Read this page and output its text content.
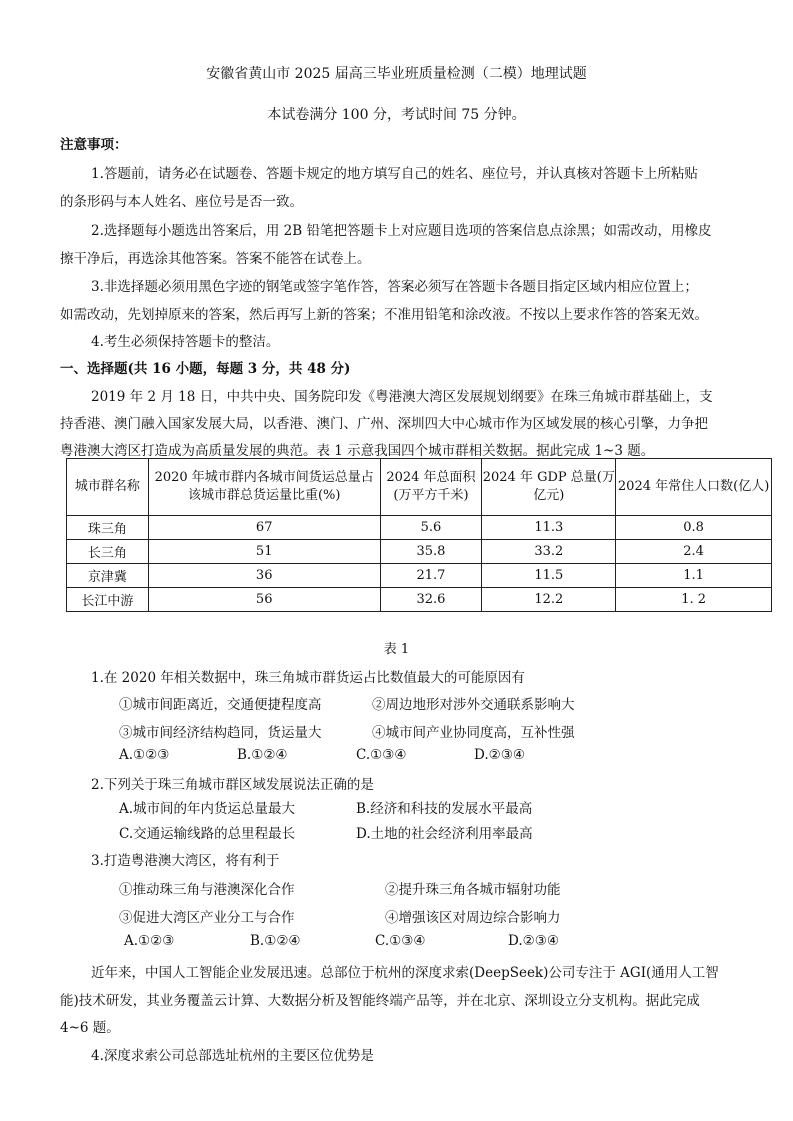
安徽省黄山市 2025 届高三毕业班质量检测（二模）地理试题
本试卷满分 100 分，考试时间 75 分钟。
注意事项：
1.答题前，请务必在试题卷、答题卡规定的地方填写自己的姓名、座位号，并认真核对答题卡上所粘贴
的条形码与本人姓名、座位号是否一致。
2.选择题每小题选出答案后，用 2B 铅笔把答题卡上对应题目选项的答案信息点涂黑；如需改动，用橡皮
擦干净后，再选涂其他答案。答案不能答在试卷上。
3.非选择题必须用黑色字迹的钢笔或签字笔作答，答案必须写在答题卡各题目指定区域内相应位置上；
如需改动，先划掉原来的答案，然后再写上新的答案；不准用铅笔和涂改液。不按以上要求作答的答案无效。
4.考生必须保持答题卡的整洁。
一、选择题(共 16 小题，每题 3 分，共 48 分)
2019 年 2 月 18 日，中共中央、国务院印发《粤港澳大湾区发展规划纲要》在珠三角城市群基础上，支
持香港、澳门融入国家发展大局，以香港、澳门、广州、深圳四大中心城市作为区域发展的核心引擎，力争把
粤港澳大湾区打造成为高质量发展的典范。表 1 示意我国四个城市群相关数据。据此完成 1~3 题。
城市群名称	2020 年城市群内各城市间货运总量占该城市群总货运量比重(%)	2024 年总面积(万平方千米)	2024 年 GDP 总量(万亿元)	2024 年常住人口数(亿人)
珠三角	67	5.6	11.3	0.8
长三角	51	35.8	33.2	2.4
京津冀	36	21.7	11.5	1.1
长江中游	56	32.6	12.2	1. 2
表 1
1.在 2020 年相关数据中，珠三角城市群货运占比数值最大的可能原因有
①城市间距离近，交通便捷程度高	②周边地形对涉外交通联系影响大
③城市间经济结构趋同，货运量大	④城市间产业协同度高，互补性强
A.①②③	B.①②④	C.①③④	D.②③④
2.下列关于珠三角城市群区域发展说法正确的是
A.城市间的年内货运总量最大	B.经济和科技的发展水平最高
C.交通运输线路的总里程最长	D.土地的社会经济利用率最高
3.打造粤港澳大湾区，将有利于
①推动珠三角与港澳深化合作	②提升珠三角各城市辐射功能
③促进大湾区产业分工与合作	④增强该区对周边综合影响力
A.①②③	B.①②④	C.①③④	D.②③④
近年来，中国人工智能企业发展迅速。总部位于杭州的深度求索(DeepSeek)公司专注于 AGI(通用人工智
能)技术研发，其业务覆盖云计算、大数据分析及智能终端产品等，并在北京、深圳设立分支机构。据此完成
4~6 题。
4.深度求索公司总部选址杭州的主要区位优势是
